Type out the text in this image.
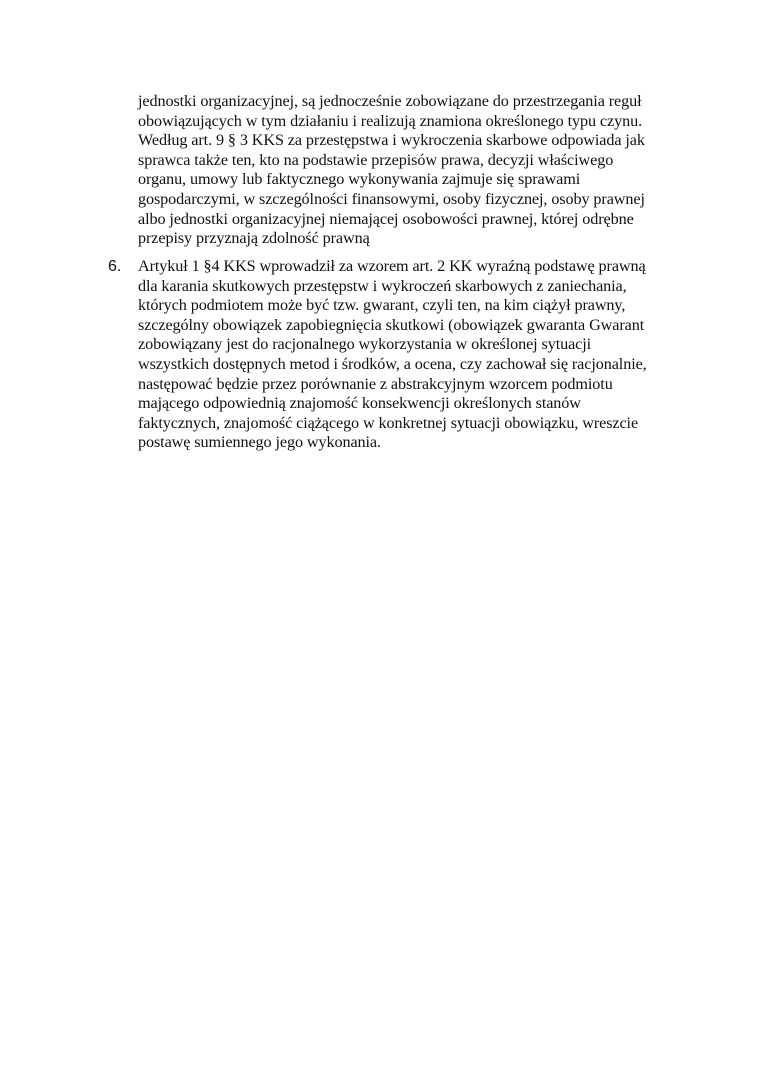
jednostki organizacyjnej, są jednocześnie zobowiązane do przestrzegania reguł
obowiązujących w tym działaniu i realizują znamiona określonego typu czynu.
Według art. 9 § 3 KKS za przestępstwa i wykroczenia skarbowe odpowiada jak
sprawca także ten, kto na podstawie przepisów prawa, decyzji właściwego
organu, umowy lub faktycznego wykonywania zajmuje się sprawami
gospodarczymi, w szczególności finansowymi, osoby fizycznej, osoby prawnej
albo jednostki organizacyjnej niemającej osobowości prawnej, której odrębne
przepisy przyznają zdolność prawną
6. Artykuł 1 §4 KKS wprowadził za wzorem art. 2 KK wyraźną podstawę prawną
dla karania skutkowych przestępstw i wykroczeń skarbowych z zaniechania,
których podmiotem może być tzw. gwarant, czyli ten, na kim ciążył prawny,
szczególny obowiązek zapobiegnięcia skutkowi (obowiązek gwaranta Gwarant
zobowiązany jest do racjonalnego wykorzystania w określonej sytuacji
wszystkich dostępnych metod i środków, a ocena, czy zachował się racjonalnie,
następować będzie przez porównanie z abstrakcyjnym wzorcem podmiotu
mającego odpowiednią znajomość konsekwencji określonych stanów
faktycznych, znajomość ciążącego w konkretnej sytuacji obowiązku, wreszcie
postawę sumiennego jego wykonania.
